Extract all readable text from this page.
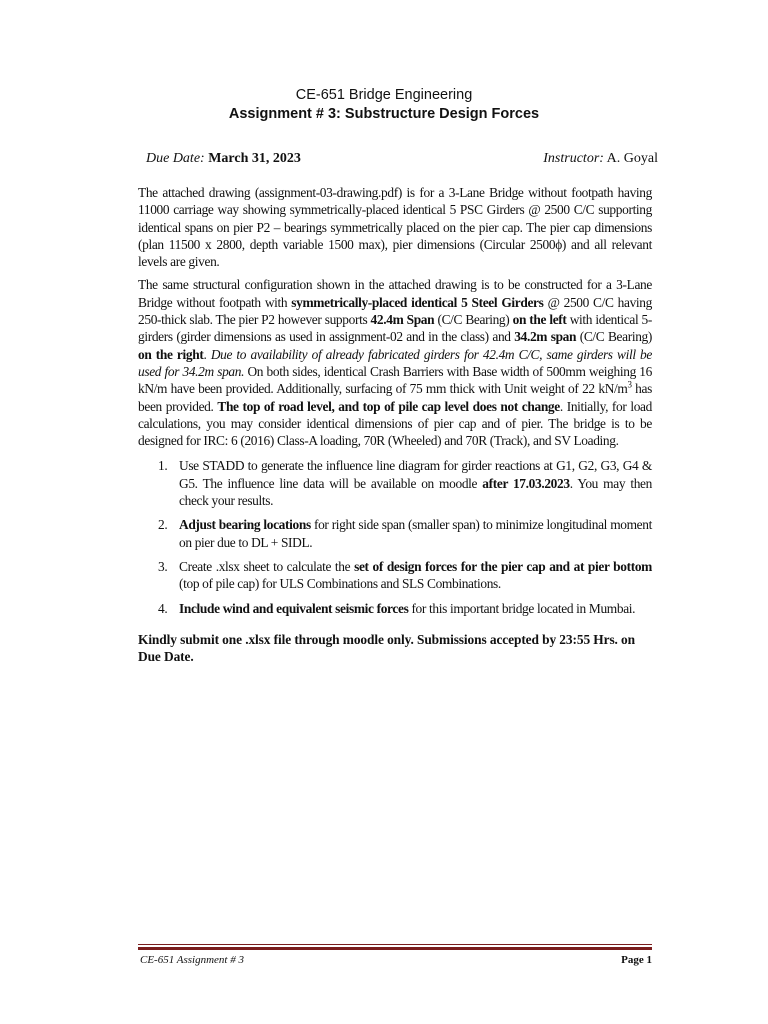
CE-651 Bridge Engineering
Assignment # 3: Substructure Design Forces
Due Date: March 31, 2023	Instructor: A. Goyal

The attached drawing (assignment-03-drawing.pdf) is for a 3-Lane Bridge without footpath having 11000 carriage way showing symmetrically-placed identical 5 PSC Girders @ 2500 C/C supporting identical spans on pier P2 – bearings symmetrically placed on the pier cap. The pier cap dimensions (plan 11500 x 2800, depth variable 1500 max), pier dimensions (Circular 2500ϕ) and all relevant levels are given.

The same structural configuration shown in the attached drawing is to be constructed for a 3-Lane Bridge without footpath with symmetrically-placed identical 5 Steel Girders @ 2500 C/C having 250-thick slab. The pier P2 however supports 42.4m Span (C/C Bearing) on the left with identical 5-girders (girder dimensions as used in assignment-02 and in the class) and 34.2m span (C/C Bearing) on the right. Due to availability of already fabricated girders for 42.4m C/C, same girders will be used for 34.2m span. On both sides, identical Crash Barriers with Base width of 500mm weighing 16 kN/m have been provided. Additionally, surfacing of 75 mm thick with Unit weight of 22 $kN/m^3$ has been provided. The top of road level, and top of pile cap level does not change. Initially, for load calculations, you may consider identical dimensions of pier cap and of pier. The bridge is to be designed for IRC: 6 (2016) Class-A loading, 70R (Wheeled) and 70R (Track), and SV Loading.

1. Use STADD to generate the influence line diagram for girder reactions at G1, G2, G3, G4 & G5. The influence line data will be available on moodle after 17.03.2023. You may then check your results.
2. Adjust bearing locations for right side span (smaller span) to minimize longitudinal moment on pier due to DL + SIDL.
3. Create .xlsx sheet to calculate the set of design forces for the pier cap and at pier bottom (top of pile cap) for ULS Combinations and SLS Combinations.
4. Include wind and equivalent seismic forces for this important bridge located in Mumbai.

Kindly submit one .xlsx file through moodle only. Submissions accepted by 23:55 Hrs. on Due Date.

CE-651 Assignment # 3	Page 1
